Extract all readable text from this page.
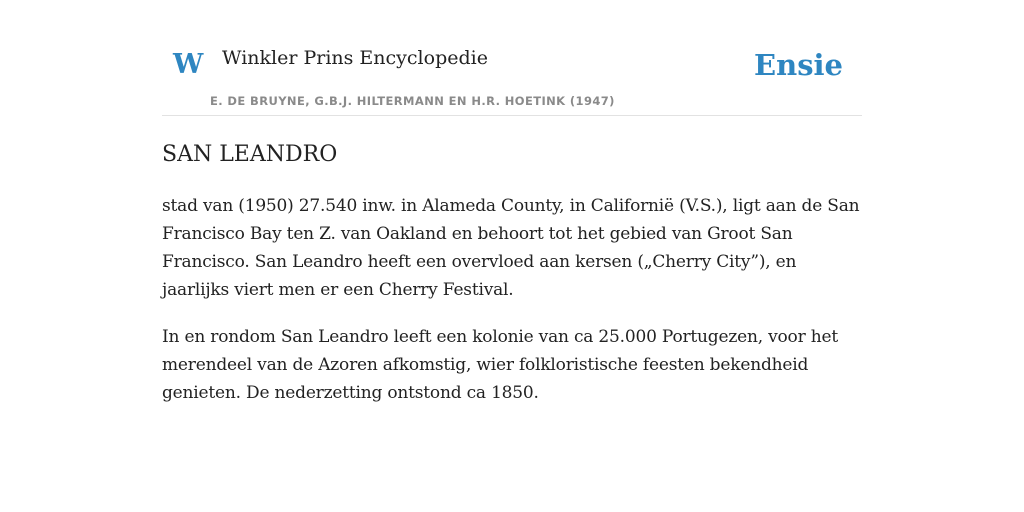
W Winkler Prins Encyclopedie
E. DE BRUYNE, G.B.J. HILTERMANN EN H.R. HOETINK (1947)
Ensie
SAN LEANDRO

stad van (1950) 27.540 inw. in Alameda County, in Californië (V.S.), ligt aan de San Francisco Bay ten Z. van Oakland en behoort tot het gebied van Groot San Francisco. San Leandro heeft een overvloed aan kersen („Cherry City”), en jaarlijks viert men er een Cherry Festival.

In en rondom San Leandro leeft een kolonie van ca 25.000 Portugezen, voor het merendeel van de Azoren afkomstig, wier folkloristische feesten bekendheid genieten. De nederzetting ontstond ca 1850.
